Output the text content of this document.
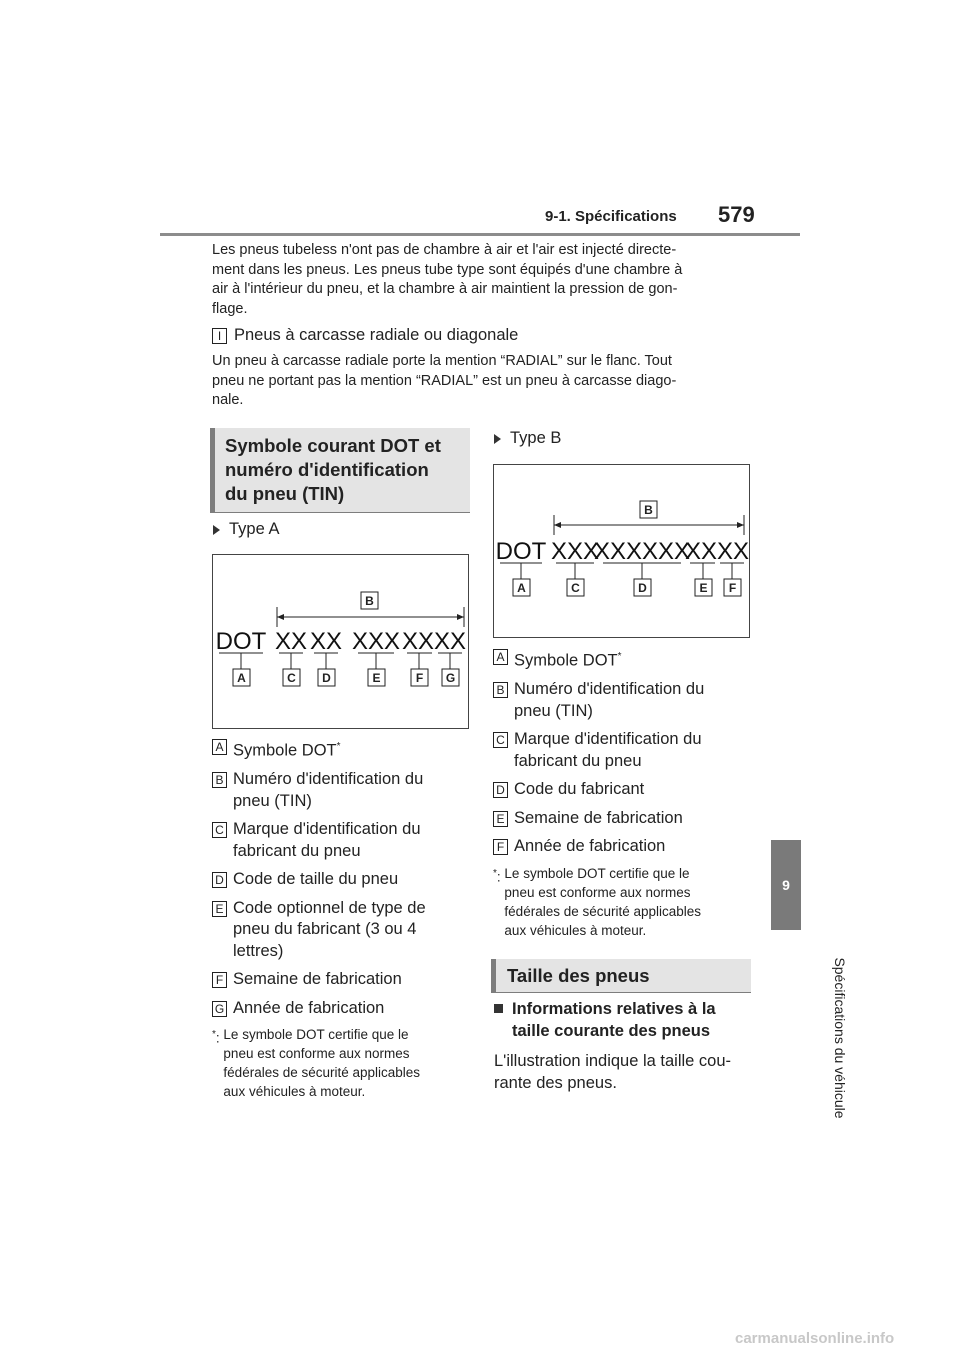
9-1. Spécifications 579
9
Spécifications du véhicule
Les pneus tubeless n'ont pas de chambre à air et l'air est injecté directe-
ment dans les pneus. Les pneus tube type sont équipés d'une chambre à
air à l'intérieur du pneu, et la chambre à air maintient la pression de gon-
flage.
I Pneus à carcasse radiale ou diagonale
Un pneu à carcasse radiale porte la mention “RADIAL” sur le flanc. Tout
pneu ne portant pas la mention “RADIAL” est un pneu à carcasse diago-
nale.
Symbole courant DOT et
numéro d'identification
du pneu (TIN)
Type A
B
DOT XX XX XXX XXXX
A	C D	E	F G
A Symbole DOT*
B Numéro d'identification du
pneu (TIN)
C Marque d'identification du
fabricant du pneu
D Code de taille du pneu
E Code optionnel de type de
pneu du fabricant (3 ou 4
lettres)
F Semaine de fabrication
G Année de fabrication
*: Le symbole DOT certifie que le
pneu est conforme aux normes
fédérales de sécurité applicables
aux véhicules à moteur.
Type B
B
DOT XXX
XXXXXX
XXXX
A	C	D	E F
A Symbole DOT*
B Numéro d'identification du
pneu (TIN)
C Marque d'identification du
fabricant du pneu
D Code du fabricant
E Semaine de fabrication
F Année de fabrication
*: Le symbole DOT certifie que le
pneu est conforme aux normes
fédérales de sécurité applicables
aux véhicules à moteur.
Taille des pneus
Informations relatives à la
taille courante des pneus
L'illustration indique la taille cou-
rante des pneus.
carmanualsonline.info
